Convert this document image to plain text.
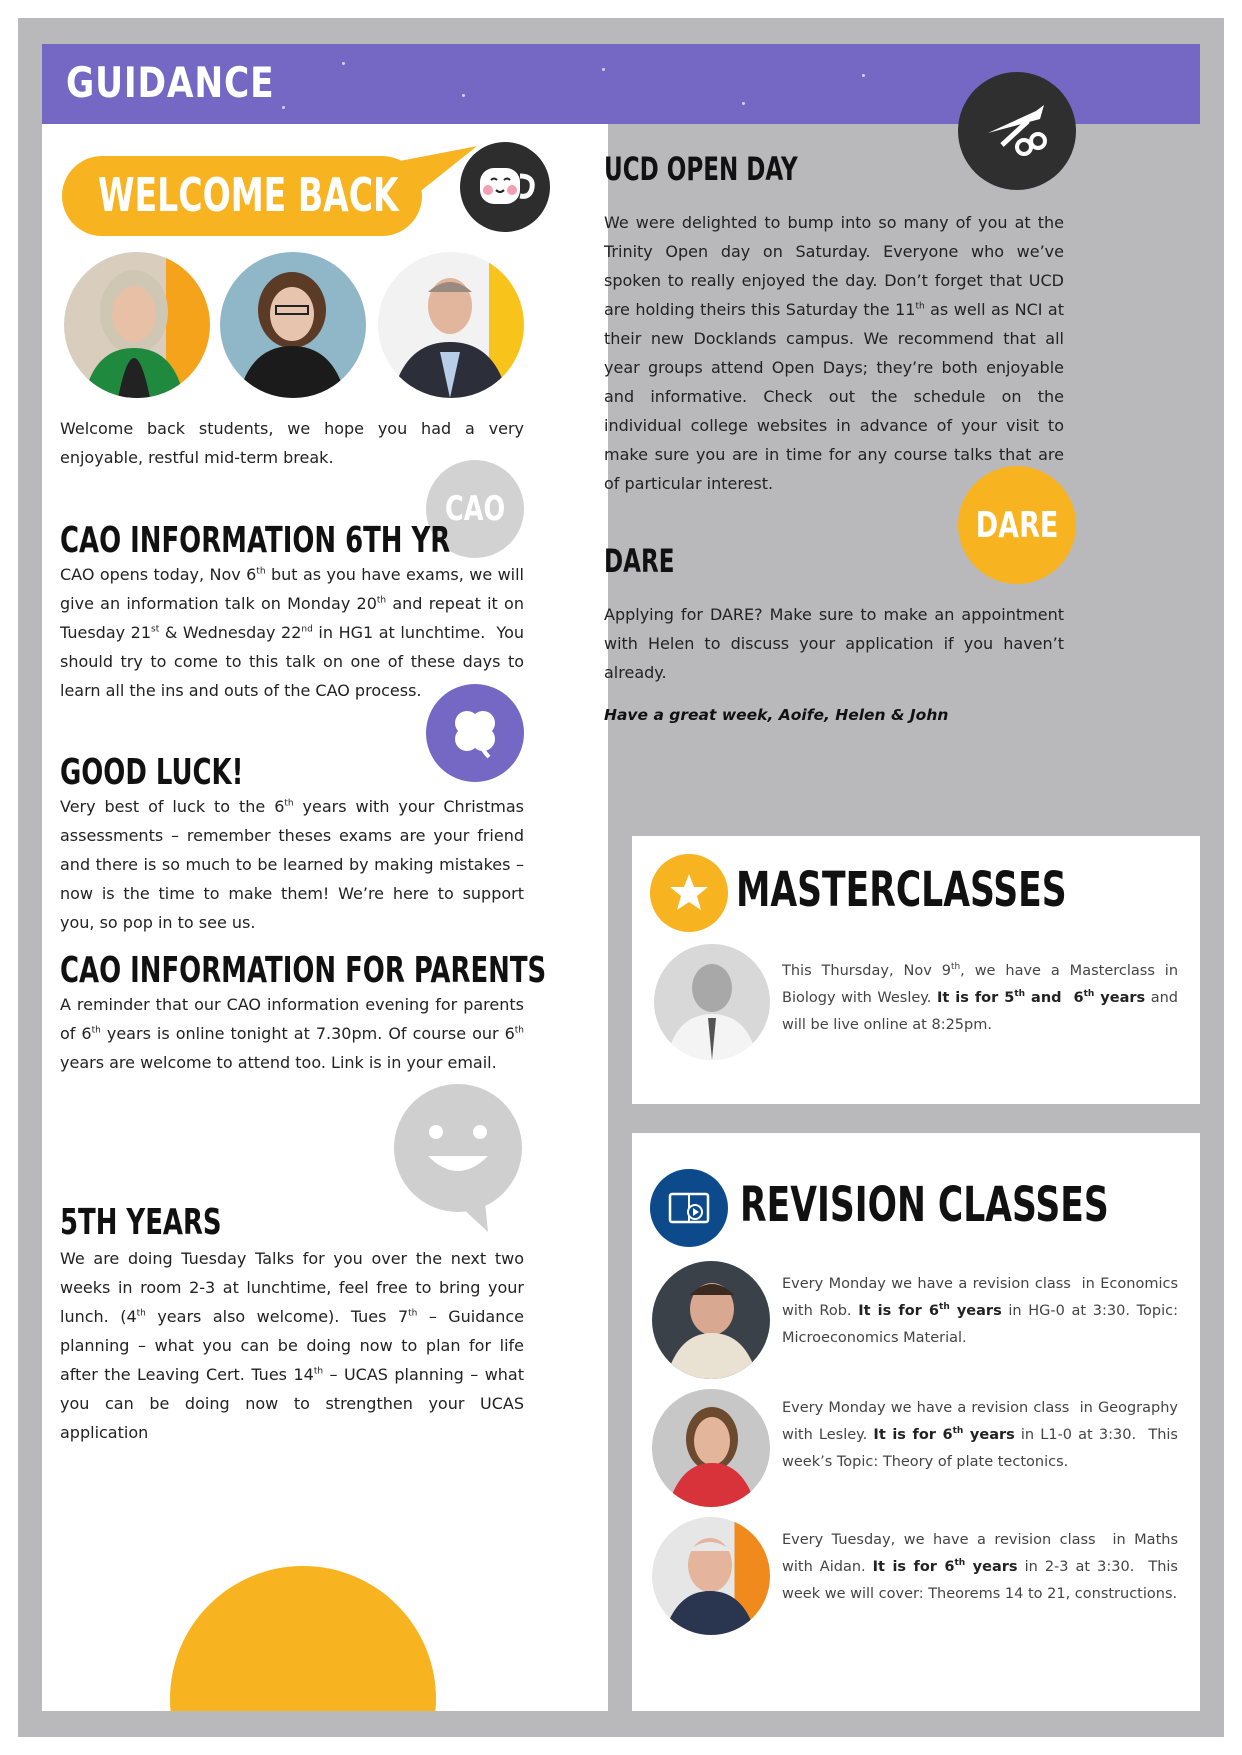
GUIDANCE
WELCOME BACK
Welcome back students, we hope you had a very enjoyable, restful mid-term break.
CAO
CAO INFORMATION 6TH YR
CAO opens today, Nov 6th but as you have exams, we will give an information talk on Monday 20th and repeat it on Tuesday 21st & Wednesday 22nd in HG1 at lunchtime.  You should try to come to this talk on one of these days to learn all the ins and outs of the CAO process.
GOOD LUCK!
Very best of luck to the 6th years with your Christmas assessments – remember theses exams are your friend and there is so much to be learned by making mistakes – now is the time to make them! We’re here to support you, so pop in to see us.
CAO INFORMATION FOR PARENTS
A reminder that our CAO information evening for parents of 6th years is online tonight at 7.30pm. Of course our 6th years are welcome to attend too. Link is in your email.
5TH YEARS
We are doing Tuesday Talks for you over the next two weeks in room 2-3 at lunchtime, feel free to bring your lunch. (4th years also welcome). Tues 7th – Guidance planning – what you can be doing now to plan for life after the Leaving Cert. Tues 14th – UCAS planning – what you can be doing now to strengthen your UCAS application
UCD OPEN DAY
We were delighted to bump into so many of you at the Trinity Open day on Saturday. Everyone who we’ve spoken to really enjoyed the day. Don’t forget that UCD are holding theirs this Saturday the 11th as well as NCI at their new Docklands campus. We recommend that all year groups attend Open Days; they’re both enjoyable and informative. Check out the schedule on the individual college websites in advance of your visit to make sure you are in time for any course talks that are of particular interest.
DARE
DARE
Applying for DARE? Make sure to make an appointment with Helen to discuss your application if you haven’t already.
Have a great week, Aoife, Helen & John
MASTERCLASSES
This Thursday, Nov 9th, we have a Masterclass in Biology with Wesley. It is for 5th and  6th years and will be live online at 8:25pm.
REVISION CLASSES
Every Monday we have a revision class  in Economics with Rob. It is for 6th years in HG-0 at 3:30. Topic: Microeconomics Material.
Every Monday we have a revision class  in Geography with Lesley. It is for 6th years in L1-0 at 3:30.  This week’s Topic: Theory of plate tectonics.
Every Tuesday, we have a revision class  in Maths with Aidan. It is for 6th years in 2-3 at 3:30.  This week we will cover: Theorems 14 to 21, constructions.
